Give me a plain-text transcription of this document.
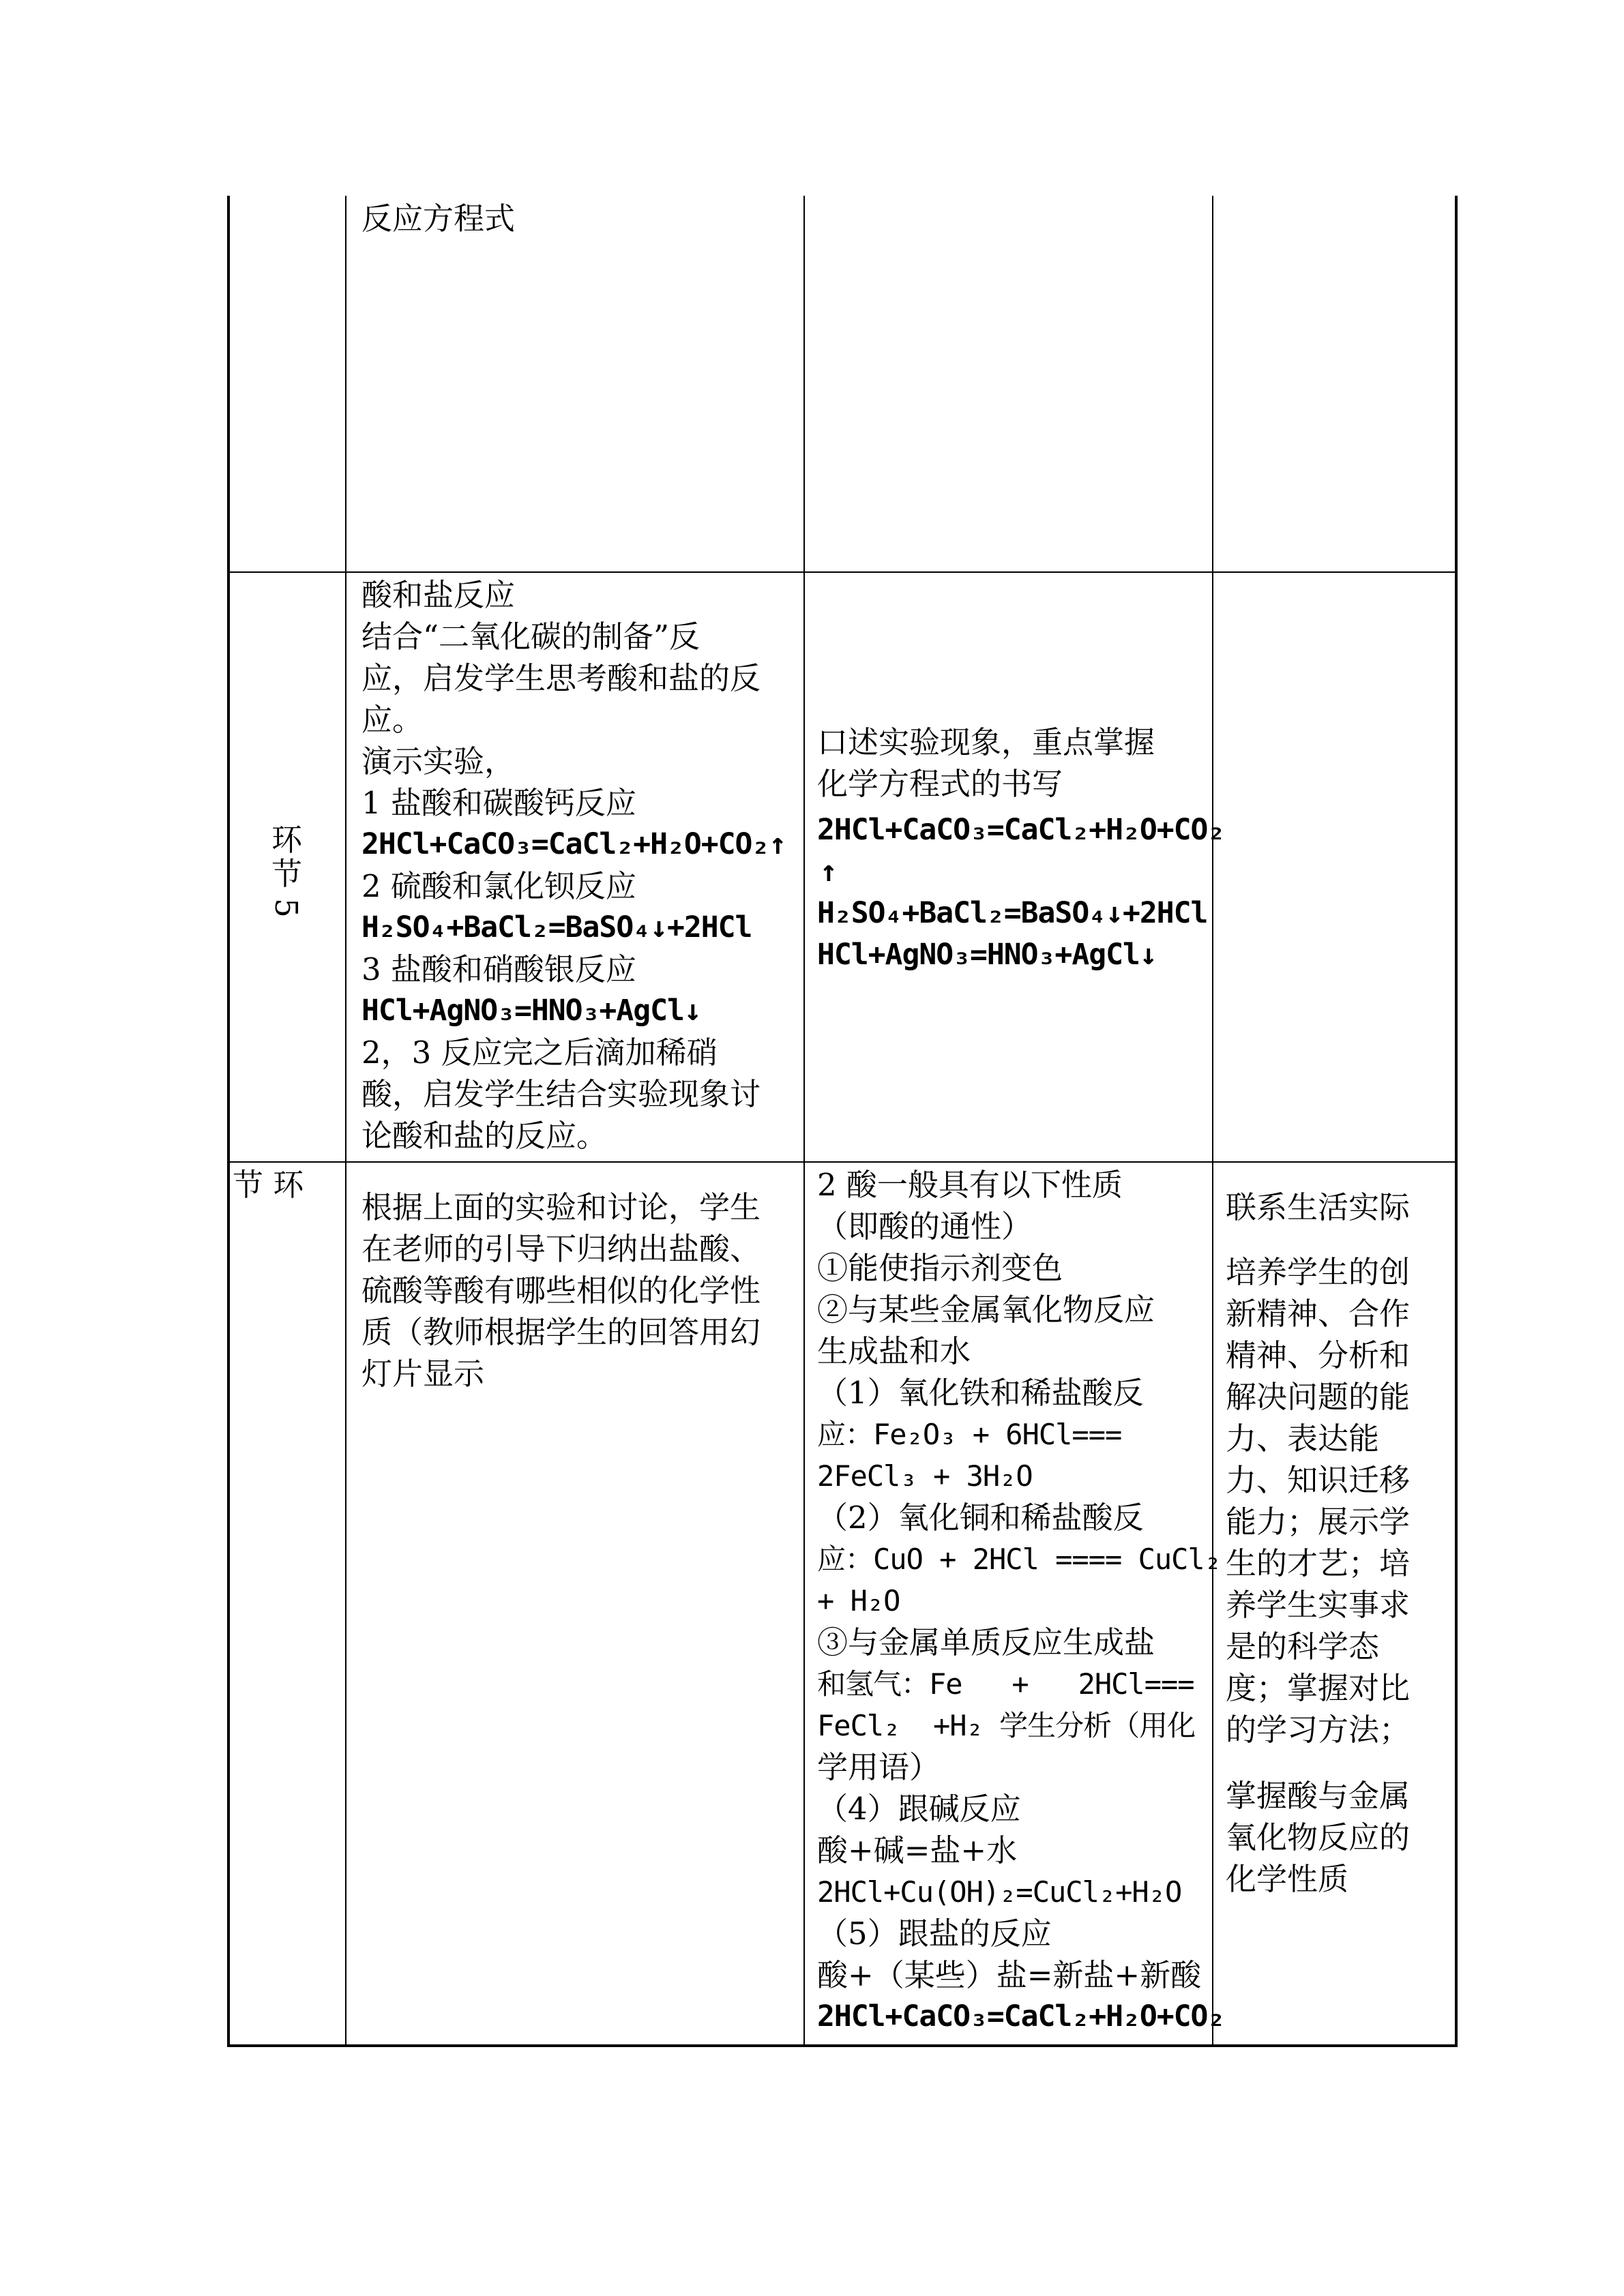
反应方程式
环
节
5
酸和盐反应
结合“二氧化碳的制备”反
应，启发学生思考酸和盐的反
应。
演示实验，
1 盐酸和碳酸钙反应
2HCl+CaCO₃=CaCl₂+H₂O+CO₂↑
2 硫酸和氯化钡反应
H₂SO₄+BaCl₂=BaSO₄↓+2HCl
3 盐酸和硝酸银反应
HCl+AgNO₃=HNO₃+AgCl↓
2，3 反应完之后滴加稀硝
酸，启发学生结合实验现象讨
论酸和盐的反应。
口述实验现象，重点掌握
化学方程式的书写
2HCl+CaCO₃=CaCl₂+H₂O+CO₂
↑
H₂SO₄+BaCl₂=BaSO₄↓+2HCl
HCl+AgNO₃=HNO₃+AgCl↓
节 环
根据上面的实验和讨论，学生
在老师的引导下归纳出盐酸、
硫酸等酸有哪些相似的化学性
质（教师根据学生的回答用幻
灯片显示
2 酸一般具有以下性质
（即酸的通性）
①能使指示剂变色
②与某些金属氧化物反应
生成盐和水
（1）氧化铁和稀盐酸反
应：Fe₂O₃ + 6HCl===
2FeCl₃ + 3H₂O
（2）氧化铜和稀盐酸反
应：CuO + 2HCl ==== CuCl₂
+ H₂O
③与金属单质反应生成盐
和氢气：Fe   +   2HCl===
FeCl₂  +H₂ 学生分析（用化
学用语）
（4）跟碱反应
酸+碱=盐+水
2HCl+Cu(OH)₂=CuCl₂+H₂O
（5）跟盐的反应
酸+（某些）盐=新盐+新酸
2HCl+CaCO₃=CaCl₂+H₂O+CO₂
联系生活实际
培养学生的创
新精神、合作
精神、分析和
解决问题的能
力、表达能
力、知识迁移
能力；展示学
生的才艺；培
养学生实事求
是的科学态
度；掌握对比
的学习方法；
掌握酸与金属
氧化物反应的
化学性质
